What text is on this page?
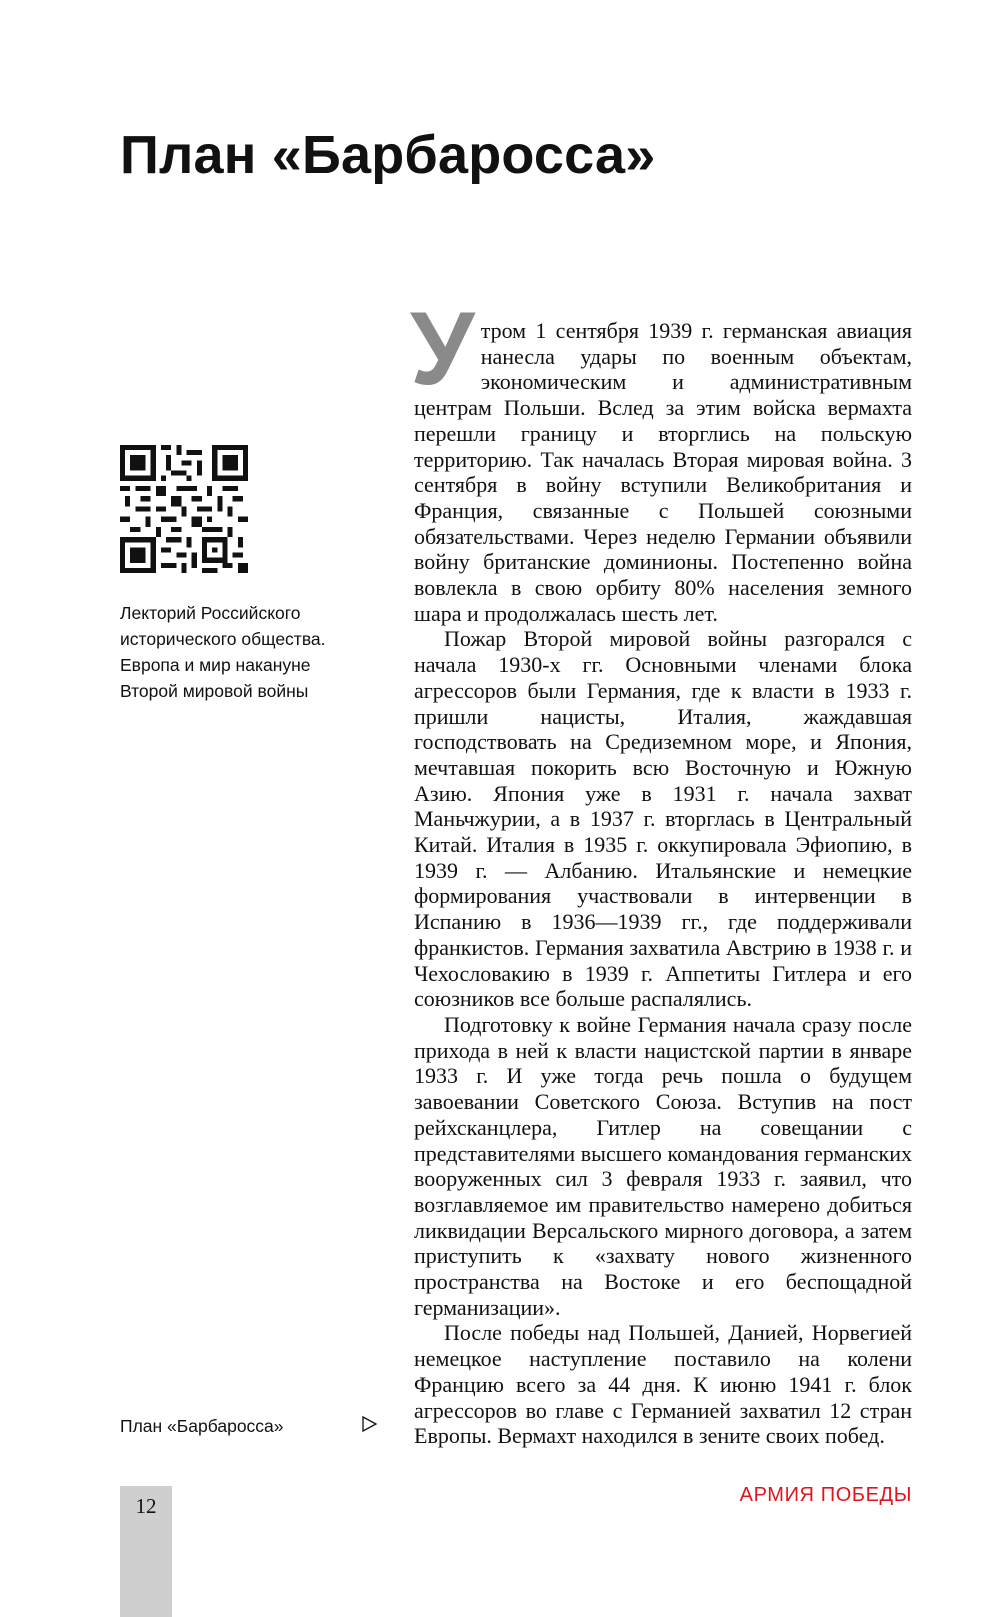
План «Барбаросса»
Лекторий Российского
исторического общества.
Европа и мир накануне
Второй мировой войны
План «Барбаросса»

Утром 1 сентября 1939 г. германская авиация нанесла удары по военным объектам, экономическим и административным центрам Польши. Вслед за этим войска вермахта перешли границу и вторглись на польскую территорию. Так началась Вторая мировая война. 3 сентября в войну вступили Великобритания и Франция, связанные с Польшей союзными обязательствами. Через неделю Германии объявили войну британские доминионы. Постепенно война вовлекла в свою орбиту 80% населения земного шара и продолжалась шесть лет.

Пожар Второй мировой войны разгорался с начала 1930-х гг. Основными членами блока агрессоров были Германия, где к власти в 1933 г. пришли нацисты, Италия, жаждавшая господствовать на Средиземном море, и Япония, мечтавшая покорить всю Восточную и Южную Азию. Япония уже в 1931 г. начала захват Маньчжурии, а в 1937 г. вторглась в Центральный Китай. Италия в 1935 г. оккупировала Эфиопию, в 1939 г. — Албанию. Итальянские и немецкие формирования участвовали в интервенции в Испанию в 1936—1939 гг., где поддерживали франкистов. Германия захватила Австрию в 1938 г. и Чехословакию в 1939 г. Аппетиты Гитлера и его союзников все больше распалялись.

Подготовку к войне Германия начала сразу после прихода в ней к власти нацистской партии в январе 1933 г. И уже тогда речь пошла о будущем завоевании Советского Союза. Вступив на пост рейхсканцлера, Гитлер на совещании с представителями высшего командования германских вооруженных сил 3 февраля 1933 г. заявил, что возглавляемое им правительство намерено добиться ликвидации Версальского мирного договора, а затем приступить к «захвату нового жизненного пространства на Востоке и его беспощадной германизации».

После победы над Польшей, Данией, Норвегией немецкое наступление поставило на колени Францию всего за 44 дня. К июню 1941 г. блок агрессоров во главе с Германией захватил 12 стран Европы. Вермахт находился в зените своих побед.

12	АРМИЯ ПОБЕДЫ
